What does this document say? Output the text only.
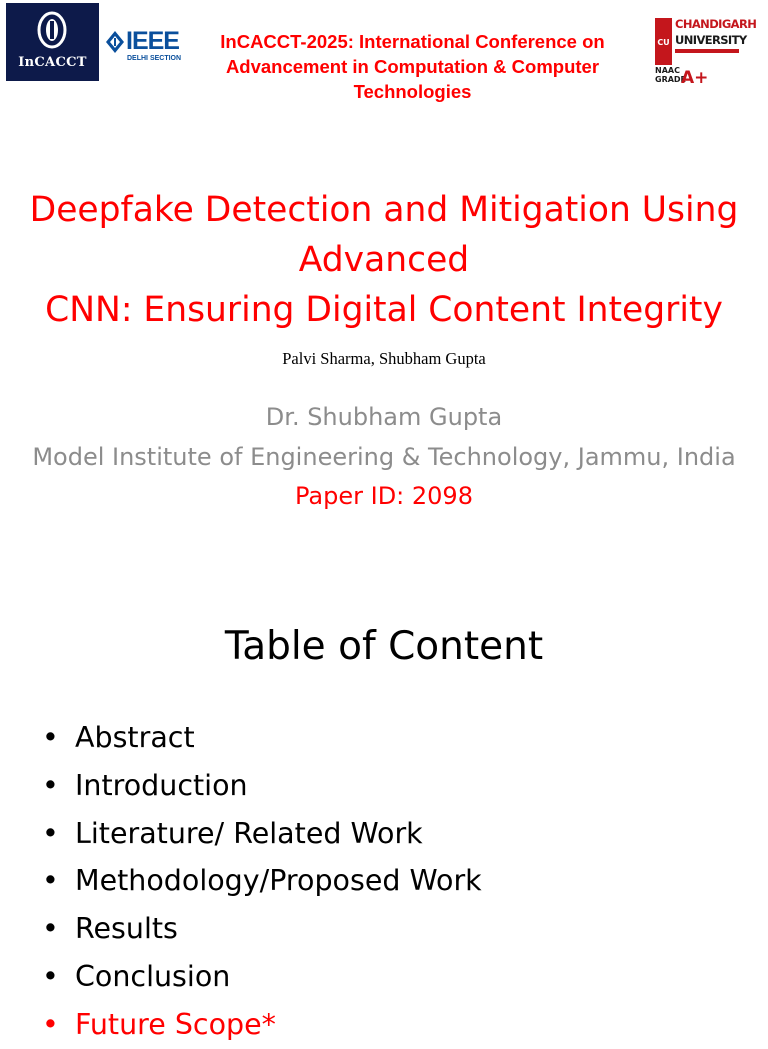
InCACCT
IEEE
DELHI SECTION
InCACCT-2025: International Conference on Advancement in Computation & Computer Technologies
CU
CHANDIGARH
UNIVERSITY
NAAC GRADE
A+
Deepfake Detection and Mitigation Using
Advanced
CNN: Ensuring Digital Content Integrity
Palvi Sharma, Shubham Gupta
Dr. Shubham Gupta
Model Institute of Engineering & Technology, Jammu, India
Paper ID: 2098
Table of Content
• Abstract
• Introduction
• Literature/ Related Work
• Methodology/Proposed Work
• Results
• Conclusion
• Future Scope*
